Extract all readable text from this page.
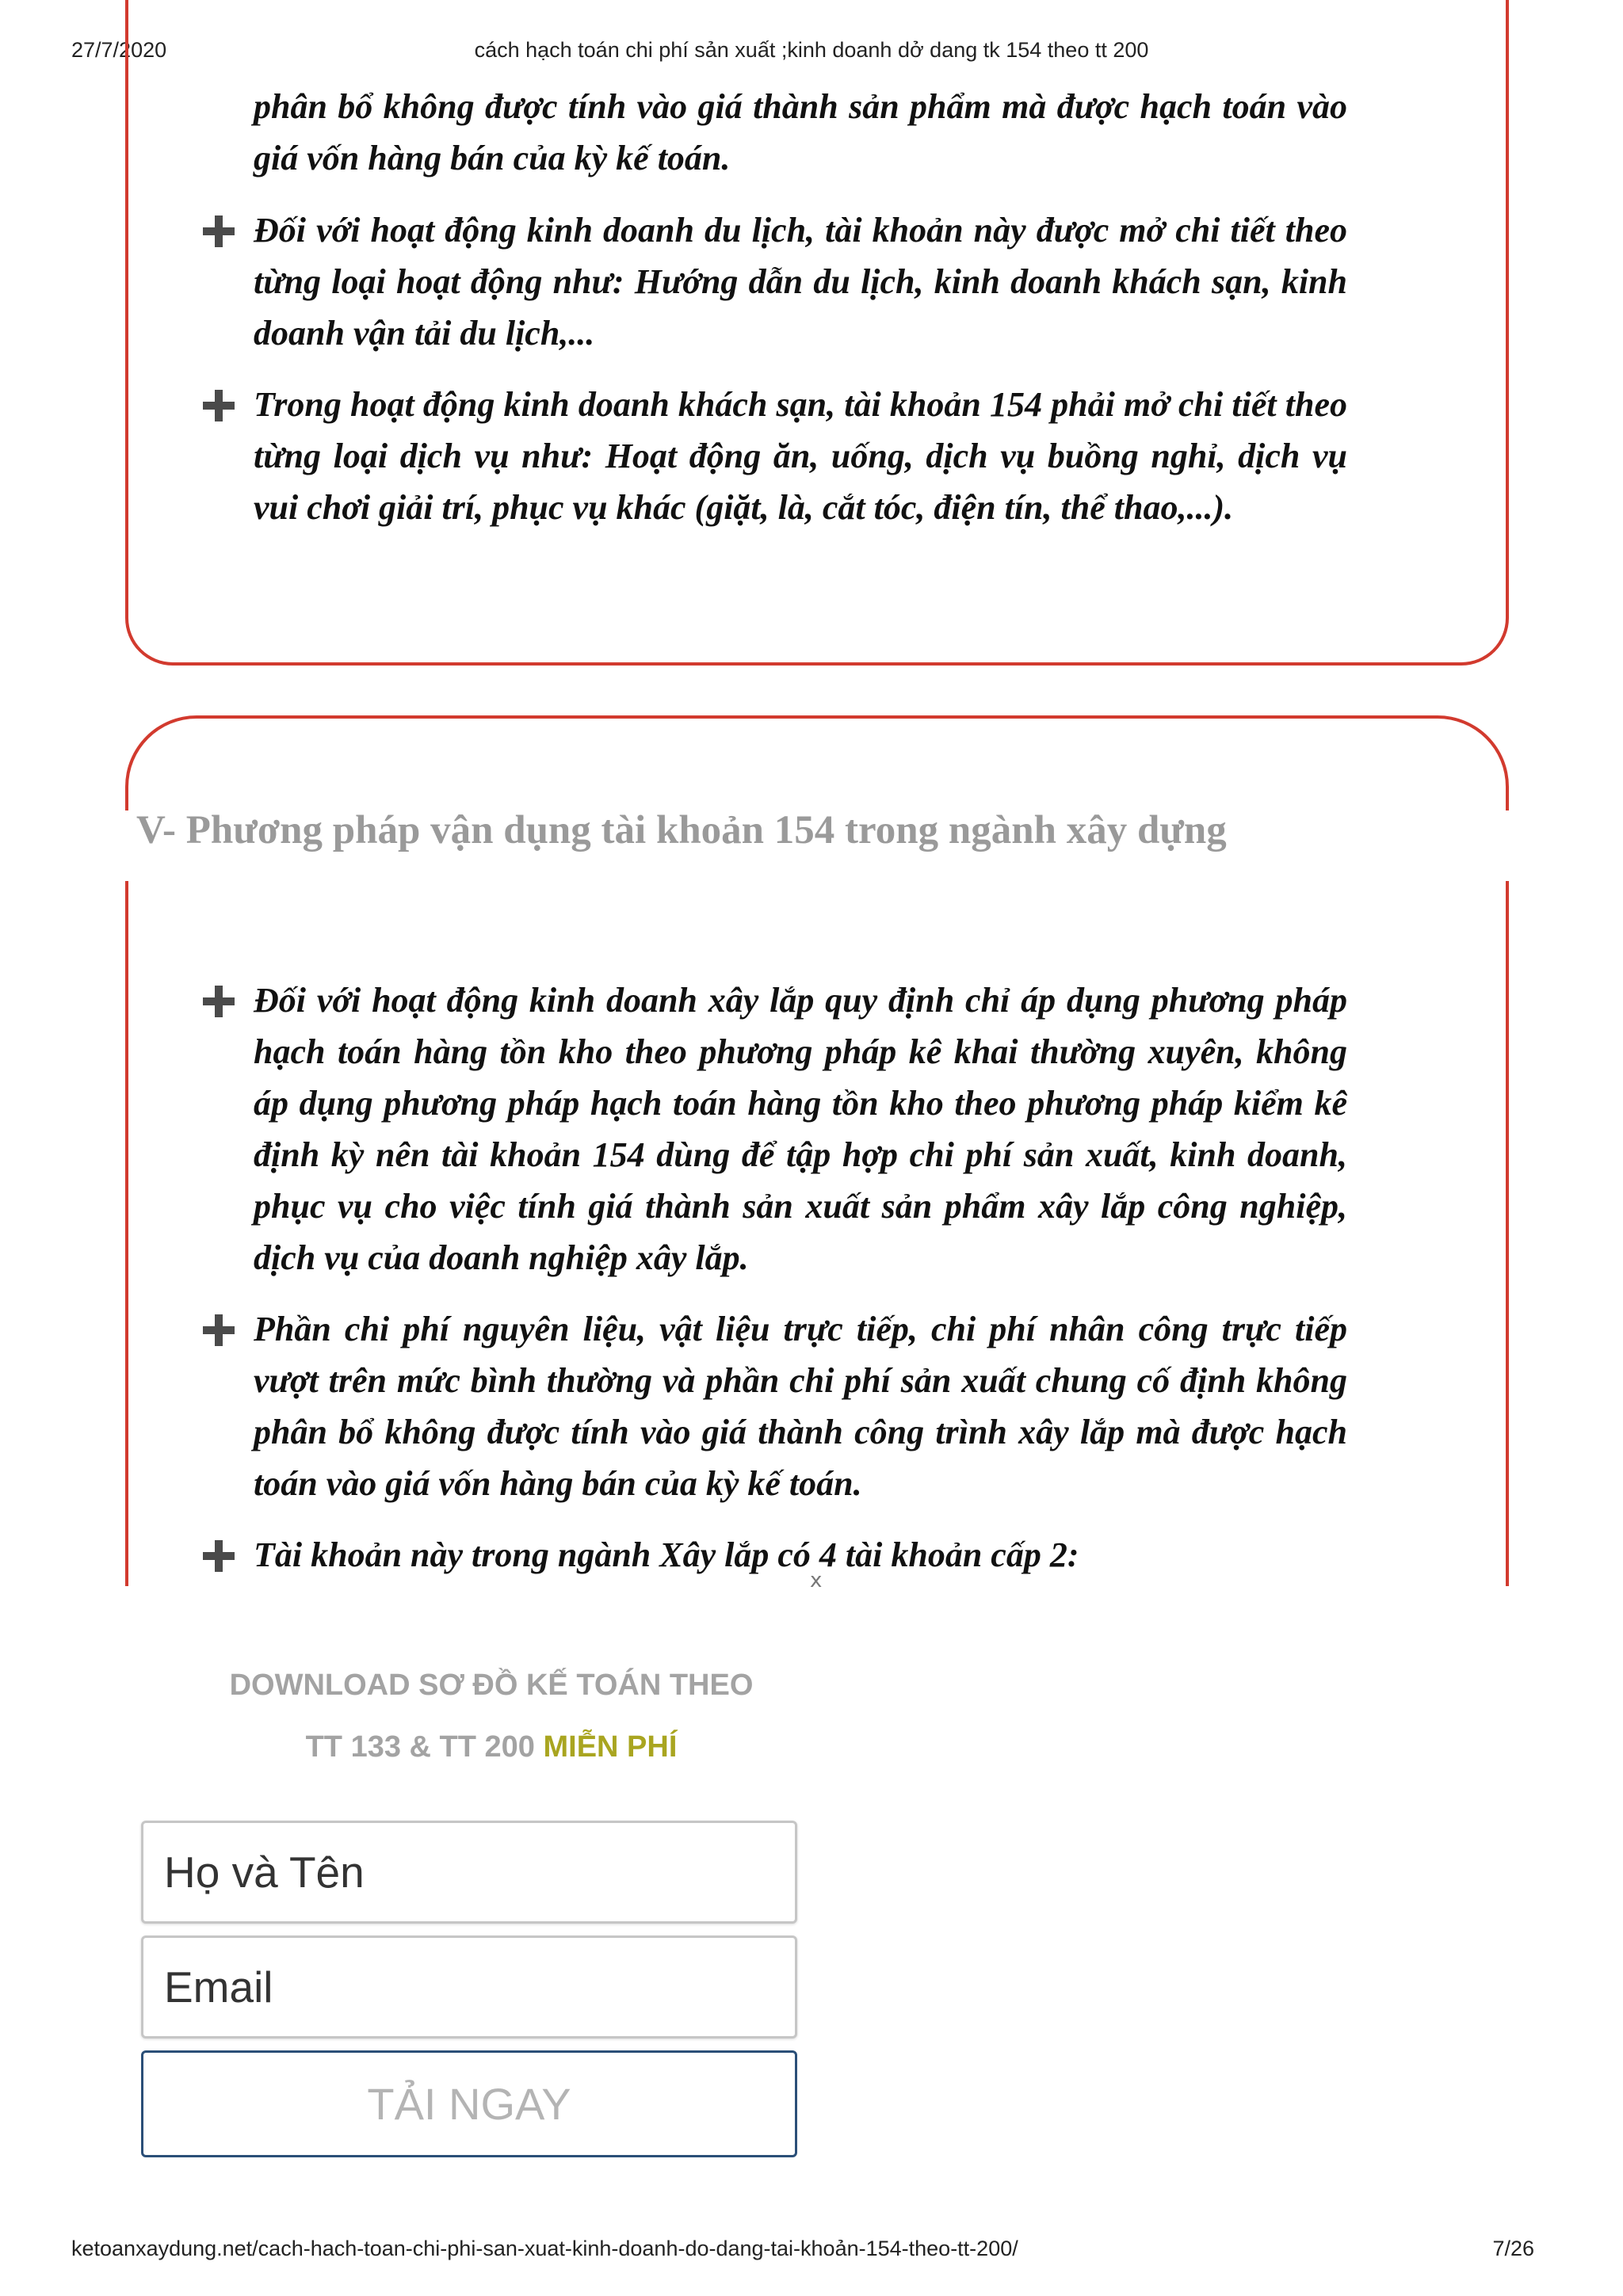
27/7/2020	cách hạch toán chi phí sản xuất ;kinh doanh dở dang tk 154 theo tt 200
phân bổ không được tính vào giá thành sản phẩm mà được hạch toán vào giá vốn hàng bán của kỳ kế toán.
Đối với hoạt động kinh doanh du lịch, tài khoản này được mở chi tiết theo từng loại hoạt động như: Hướng dẫn du lịch, kinh doanh khách sạn, kinh doanh vận tải du lịch,...
Trong hoạt động kinh doanh khách sạn, tài khoản 154 phải mở chi tiết theo từng loại dịch vụ như: Hoạt động ăn, uống, dịch vụ buồng nghỉ, dịch vụ vui chơi giải trí, phục vụ khác (giặt, là, cắt tóc, điện tín, thể thao,...).
V- Phương pháp vận dụng tài khoản 154 trong ngành xây dựng
Đối với hoạt động kinh doanh xây lắp quy định chỉ áp dụng phương pháp hạch toán hàng tồn kho theo phương pháp kê khai thường xuyên, không áp dụng phương pháp hạch toán hàng tồn kho theo phương pháp kiểm kê định kỳ nên tài khoản 154 dùng để tập hợp chi phí sản xuất, kinh doanh, phục vụ cho việc tính giá thành sản xuất sản phẩm xây lắp công nghiệp, dịch vụ của doanh nghiệp xây lắp.
Phần chi phí nguyên liệu, vật liệu trực tiếp, chi phí nhân công trực tiếp vượt trên mức bình thường và phần chi phí sản xuất chung cố định không phân bổ không được tính vào giá thành công trình xây lắp mà được hạch toán vào giá vốn hàng bán của kỳ kế toán.
Tài khoản này trong ngành Xây lắp có 4 tài khoản cấp 2:
x
DOWNLOAD SƠ ĐỒ KẾ TOÁN THEO
TT 133 & TT 200 MIỄN PHÍ
Họ và Tên
Email
TẢI NGAY
ketoanxaydung.net/cach-hach-toan-chi-phi-san-xuat-kinh-doanh-do-dang-tai-khoản-154-theo-tt-200/	7/26
